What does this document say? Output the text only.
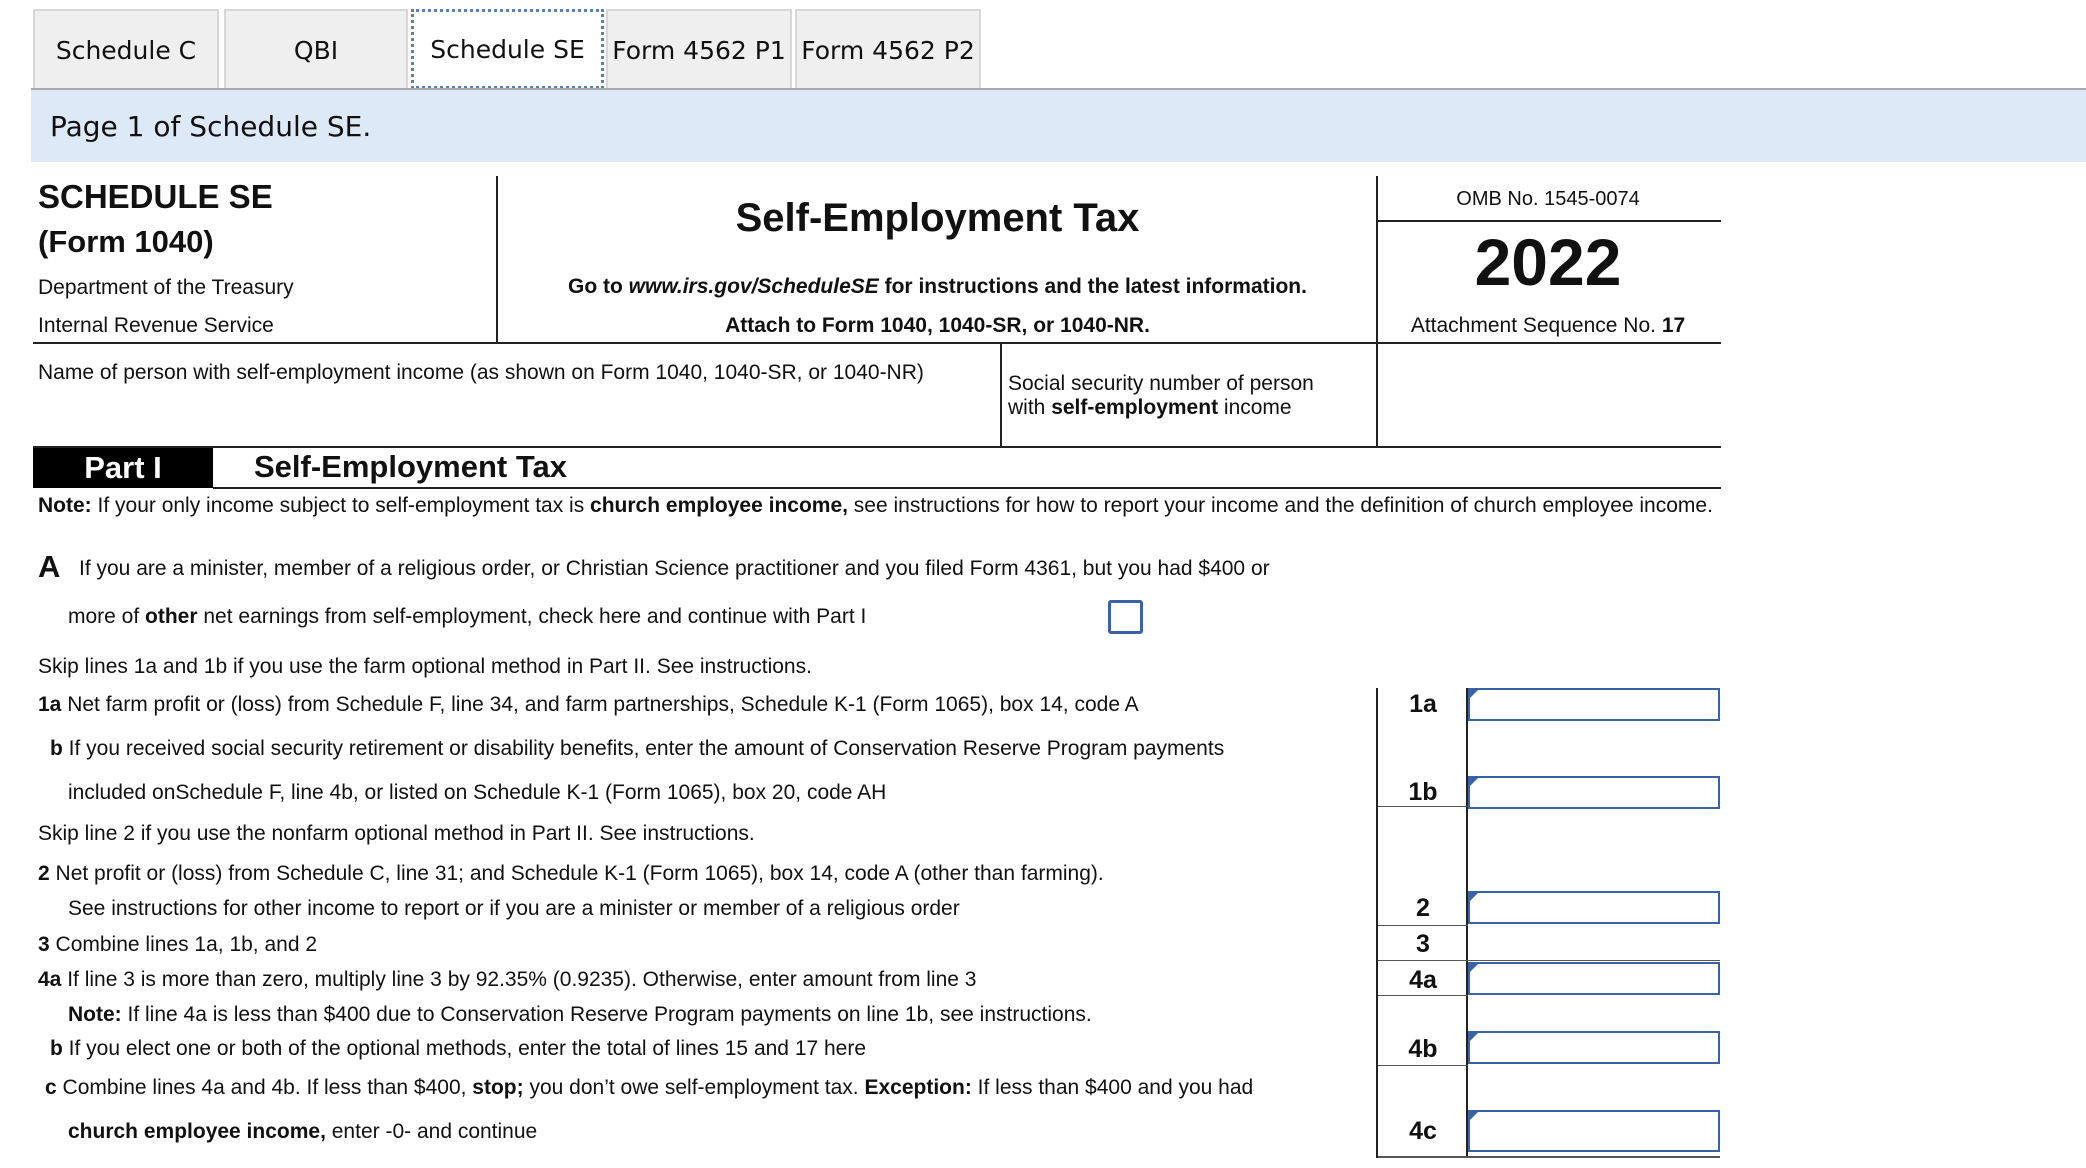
Schedule C	QBI	Schedule SE Form 4562 P1 Form 4562 P2
Page 1 of Schedule SE.
SCHEDULE SE
(Form 1040)
Department of the Treasury
Internal Revenue Service
Self-Employment Tax
Go to www.irs.gov/ScheduleSE for instructions and the latest information.
Attach to Form 1040, 1040-SR, or 1040-NR.
OMB No. 1545-0074
2022
Attachment Sequence No. 17
Name of person with self-employment income (as shown on Form 1040, 1040-SR, or 1040-NR)	Social security number of person
with self-employment income
Part I	Self-Employment Tax
Note: If your only income subject to self-employment tax is church employee income, see instructions for how to report your income and the definition of church employee income.
A If you are a minister, member of a religious order, or Christian Science practitioner and you filed Form 4361, but you had $400 or
more of other net earnings from self-employment, check here and continue with Part I
Skip lines 1a and 1b if you use the farm optional method in Part II. See instructions.
1a Net farm profit or (loss) from Schedule F, line 34, and farm partnerships, Schedule K-1 (Form 1065), box 14, code A	1a
b If you received social security retirement or disability benefits, enter the amount of Conservation Reserve Program payments
included onSchedule F, line 4b, or listed on Schedule K-1 (Form 1065), box 20, code AH	1b
Skip line 2 if you use the nonfarm optional method in Part II. See instructions.
2 Net profit or (loss) from Schedule C, line 31; and Schedule K-1 (Form 1065), box 14, code A (other than farming).
See instructions for other income to report or if you are a minister or member of a religious order	2
3 Combine lines 1a, 1b, and 2	3
4a If line 3 is more than zero, multiply line 3 by 92.35% (0.9235). Otherwise, enter amount from line 3	4a
Note: If line 4a is less than $400 due to Conservation Reserve Program payments on line 1b, see instructions.
b If you elect one or both of the optional methods, enter the total of lines 15 and 17 here	4b
c Combine lines 4a and 4b. If less than $400, stop; you don’t owe self-employment tax. Exception: If less than $400 and you had
church employee income, enter -0- and continue	4c
